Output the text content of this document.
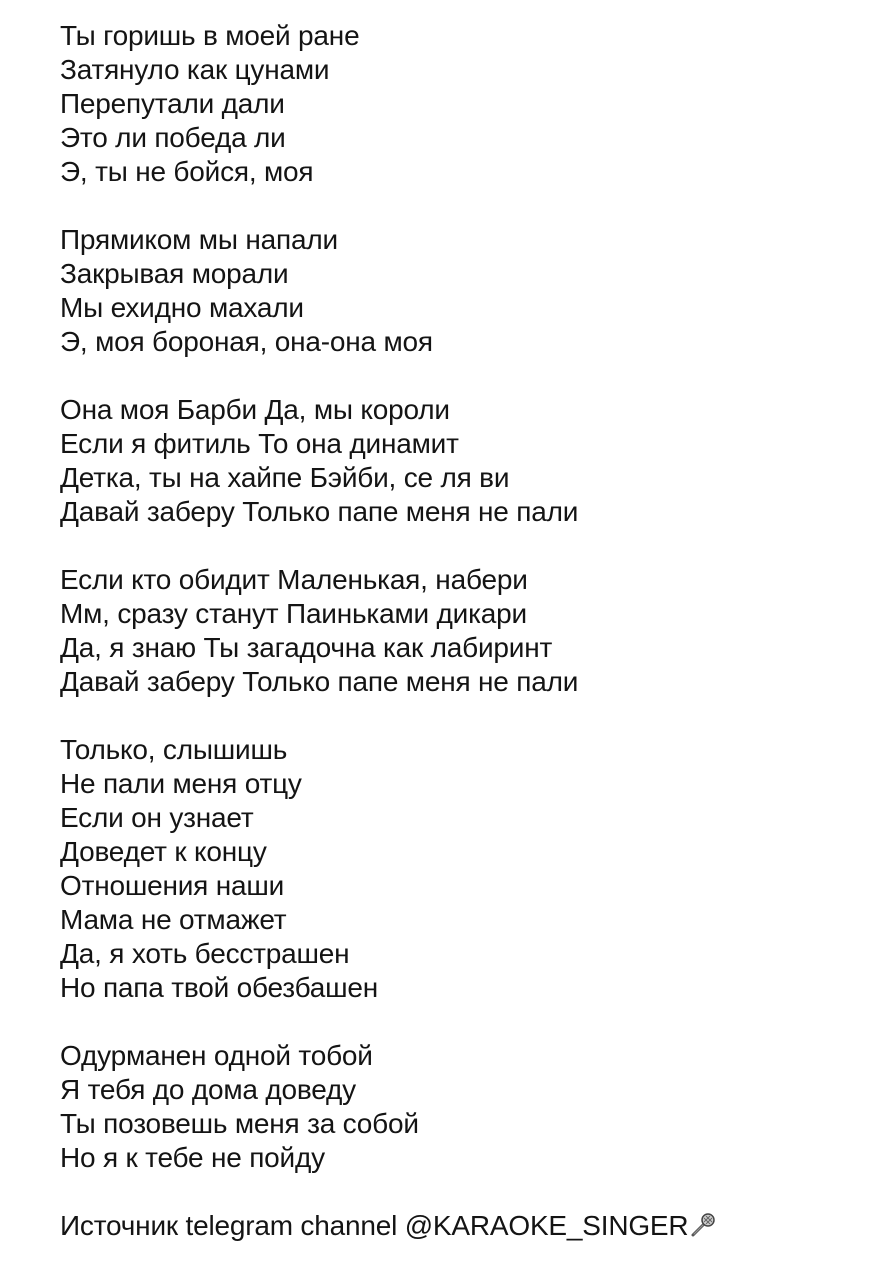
Ты горишь в моей ране
Затянуло как цунами
Перепутали дали
Это ли победа ли
Э, ты не бойся, моя
Прямиком мы напали
Закрывая морали
Мы ехидно махали
Э, моя бороная, она-она моя
Она моя Барби Да, мы короли
Если я фитиль То она динамит
Детка, ты на хайпе Бэйби, се ля ви
Давай заберу Только папе меня не пали
Если кто обидит Маленькая, набери
Мм, сразу станут Паиньками дикари
Да, я знаю Ты загадочна как лабиринт
Давай заберу Только папе меня не пали
Только, слышишь
Не пали меня отцу
Если он узнает
Доведет к концу
Отношения наши
Мама не отмажет
Да, я хоть бесстрашен
Но папа твой обезбашен
Одурманен одной тобой
Я тебя до дома доведу
Ты позовешь меня за собой
Но я к тебе не пойду
Источник telegram channel @KARAOKE_SINGER
